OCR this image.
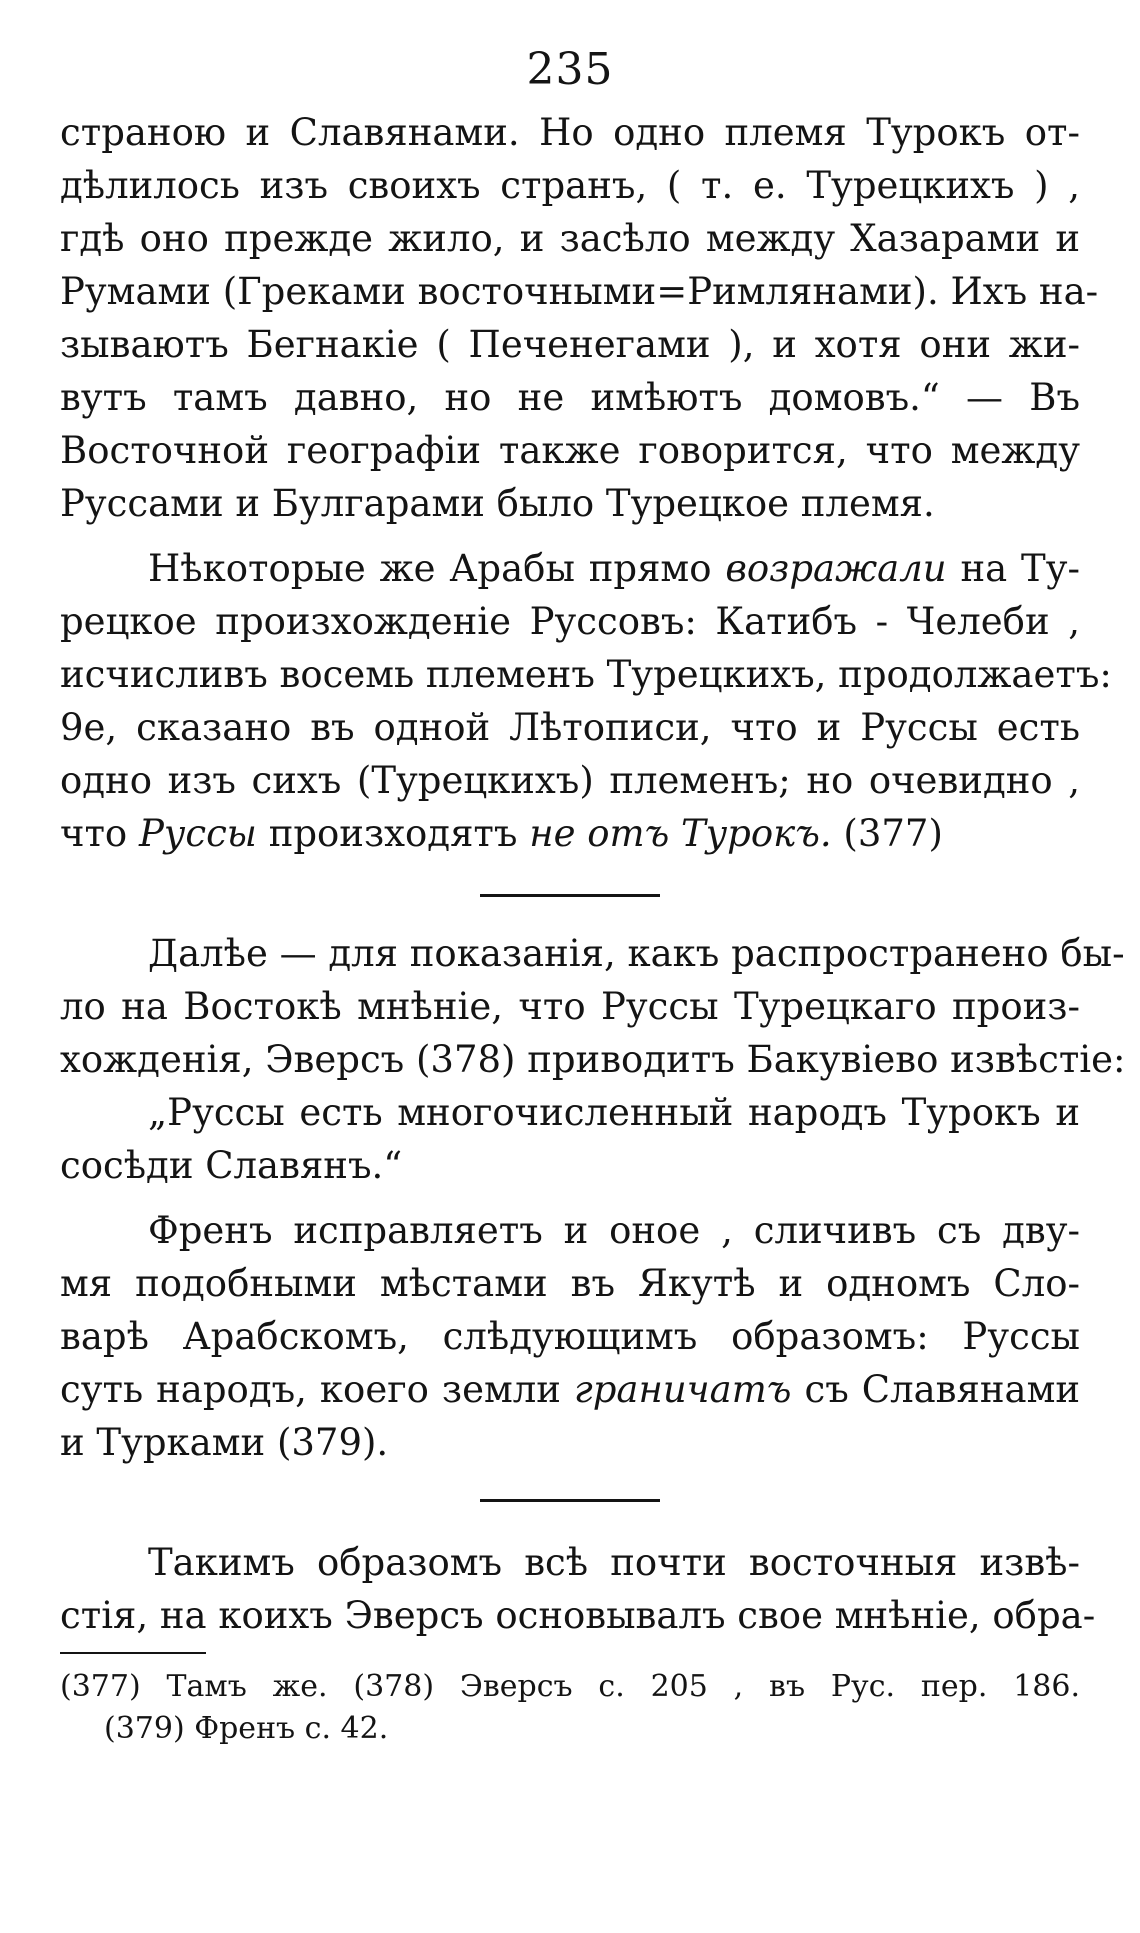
235
страною и Славянами. Но одно племя Турокъ от-
дѣлилось изъ своихъ странъ, ( т. е. Турецкихъ ) ,
гдѣ оно прежде жило, и засѣло между Хазарами и
Румами (Греками восточными=Римлянами). Ихъ на-
зываютъ Бегнакіе ( Печенегами ), и хотя они жи-
вутъ тамъ давно, но не имѣютъ домовъ.“ — Въ
Восточной географіи также говорится, что между
Руссами и Булгарами было Турецкое племя.
Нѣкоторые же Арабы прямо возражали на Ту-
рецкое произхожденіе Руссовъ: Катибъ - Челеби ,
исчисливъ восемь племенъ Турецкихъ, продолжаетъ:
9е, сказано въ одной Лѣтописи, что и Руссы есть
одно изъ сихъ (Турецкихъ) племенъ; но очевидно ,
что Руссы произходятъ не отъ Турокъ. (377)
Далѣе — для показанія, какъ распространено бы-
ло на Востокѣ мнѣніе, что Руссы Турецкаго произ-
хожденія, Эверсъ (378) приводитъ Бакувіево извѣстіе:
„Руссы есть многочисленный народъ Турокъ и
сосѣди Славянъ.“
Френъ исправляетъ и оное , сличивъ съ дву-
мя подобными мѣстами въ Якутѣ и одномъ Сло-
варѣ Арабскомъ, слѣдующимъ образомъ: Руссы
суть народъ, коего земли граничатъ съ Славянами
и Турками (379).
Такимъ образомъ всѣ почти восточныя извѣ-
стія, на коихъ Эверсъ основывалъ свое мнѣніе, обра-
(377) Тамъ же. (378) Эверсъ с. 205 , въ Рус. пер. 186.
(379) Френъ с. 42.
